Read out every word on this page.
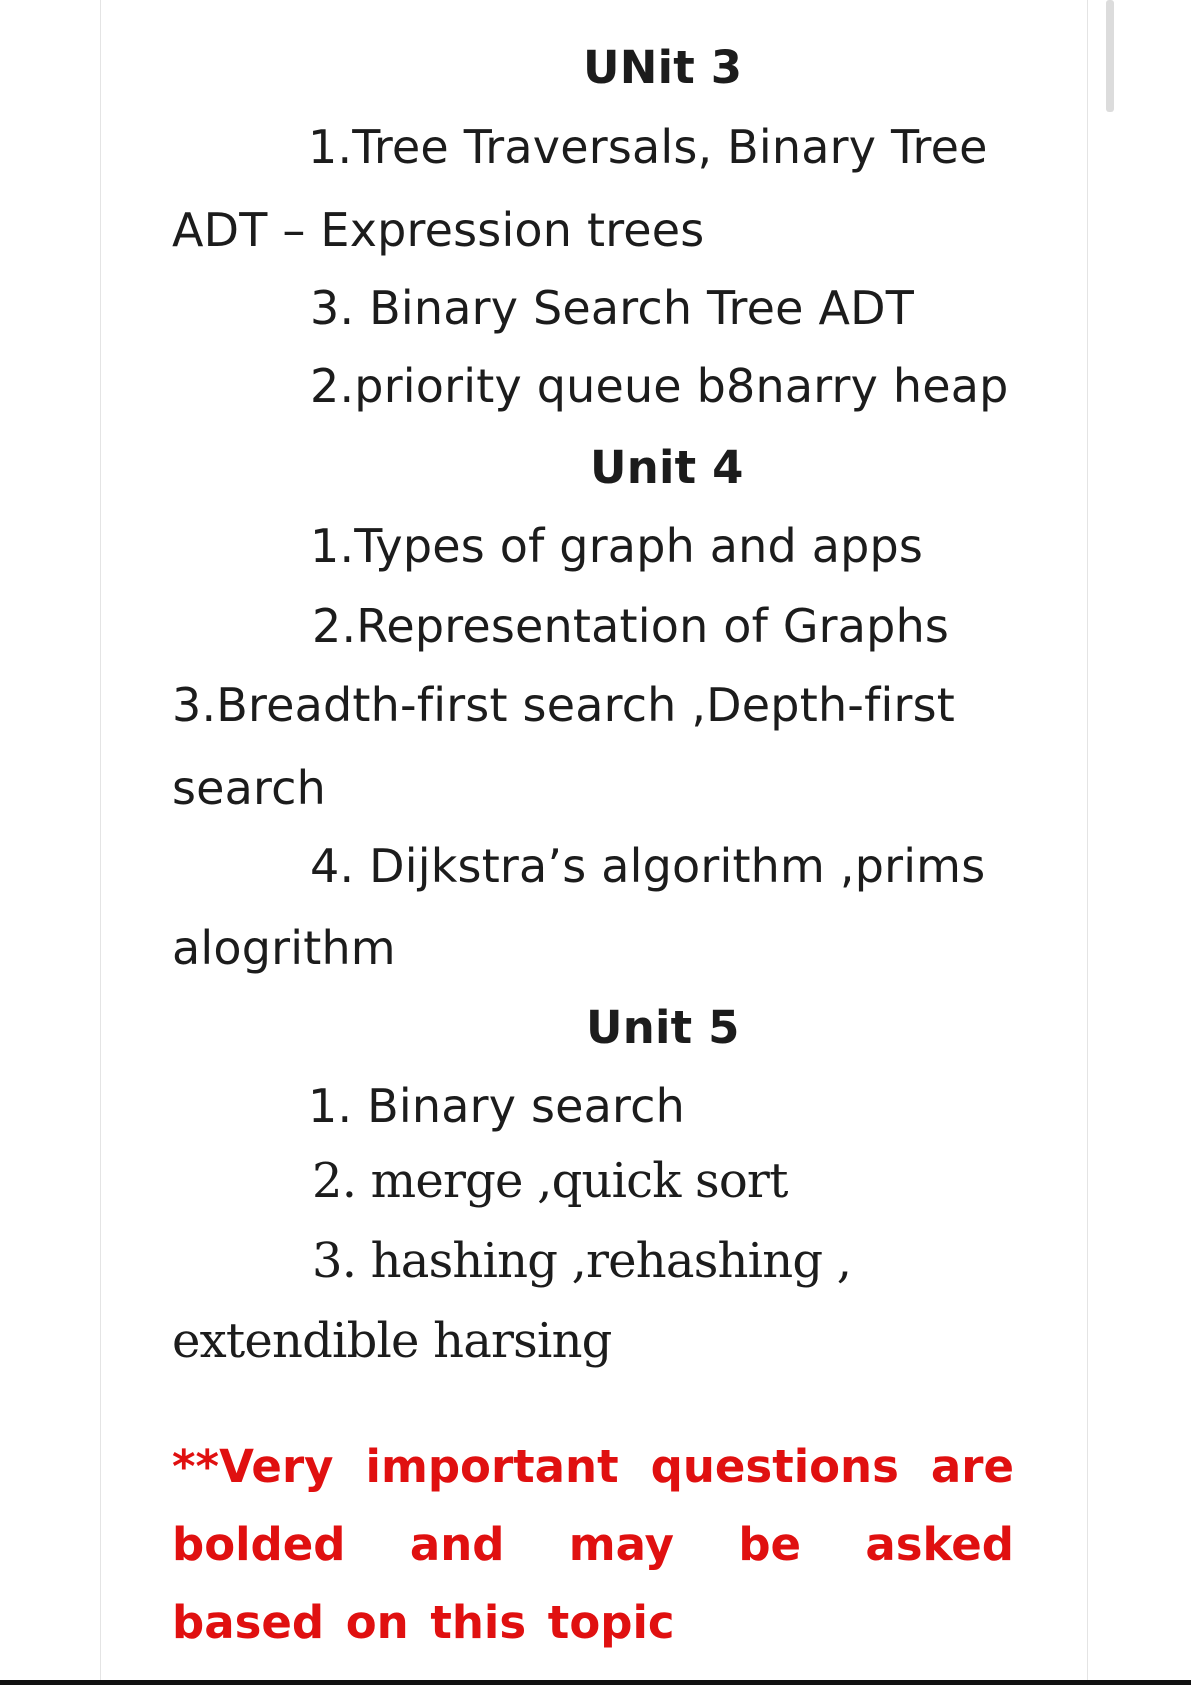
UNit 3
1.Tree Traversals, Binary Tree
ADT – Expression trees
3. Binary Search Tree ADT
2.priority queue b8narry heap
Unit 4
1.Types of graph and apps
2.Representation of Graphs
3.Breadth-first search ,Depth-first
search
4. Dijkstra’s algorithm ,prims
alogrithm
Unit 5
1. Binary search
2. merge ,quick sort
3. hashing ,rehashing ,
extendible harsing
**Very important questions are bolded and may be asked based on this topic
